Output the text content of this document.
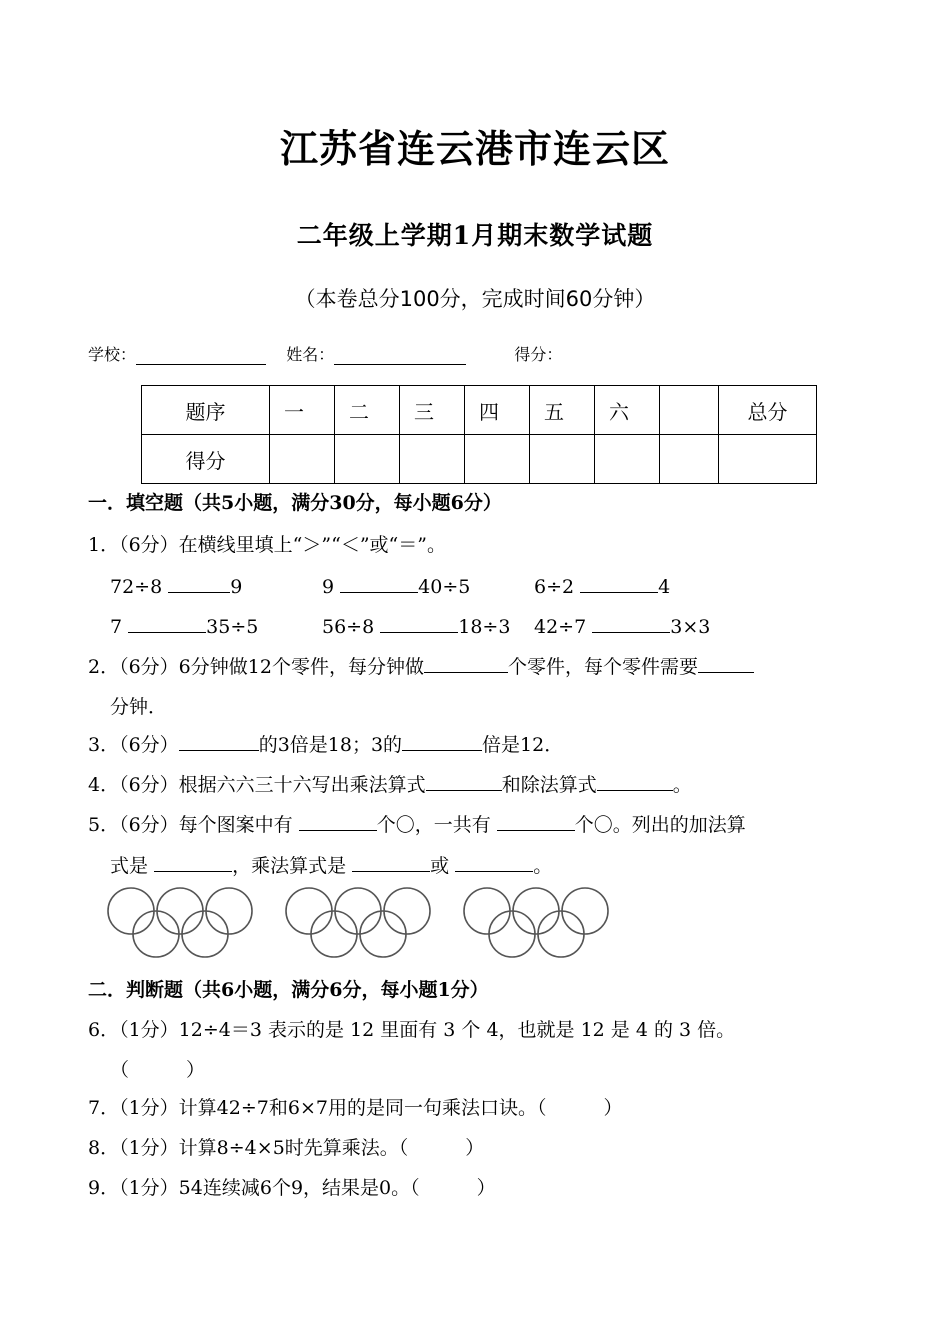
江苏省连云港市连云区
二年级上学期1月期末数学试题
（本卷总分100分，完成时间60分钟）
学校：	姓名：	得分：
题序	一	二	三	四	五	六		总分
得分								
一．填空题（共5小题，满分30分，每小题6分）
1．（6分）在横线里填上“＞”“＜”或“＝”。
72÷8	9	9	40÷5	6÷2	4
7	35÷5	56÷8	18÷3 42÷7	3×3
2．（6分）6分钟做12个零件，每分钟做	个零件，每个零件需要
分钟．
3．（6分）	的3倍是18；3的	倍是12．
4．（6分）根据六六三十六写出乘法算式	和除法算式	。
5．（6分）每个图案中有	个〇，一共有	个〇。列出的加法算
式是	，乘法算式是	或	。
二．判断题（共6小题，满分6分，每小题1分）
6．（1分）12÷4＝3 表示的是 12 里面有 3 个 4，也就是 12 是 4 的 3 倍。
（　　　）
7．（1分）计算42÷7和6×7用的是同一句乘法口诀。（　　　）
8．（1分）计算8÷4×5时先算乘法。（　　　）
9．（1分）54连续减6个9，结果是0。（　　　）
